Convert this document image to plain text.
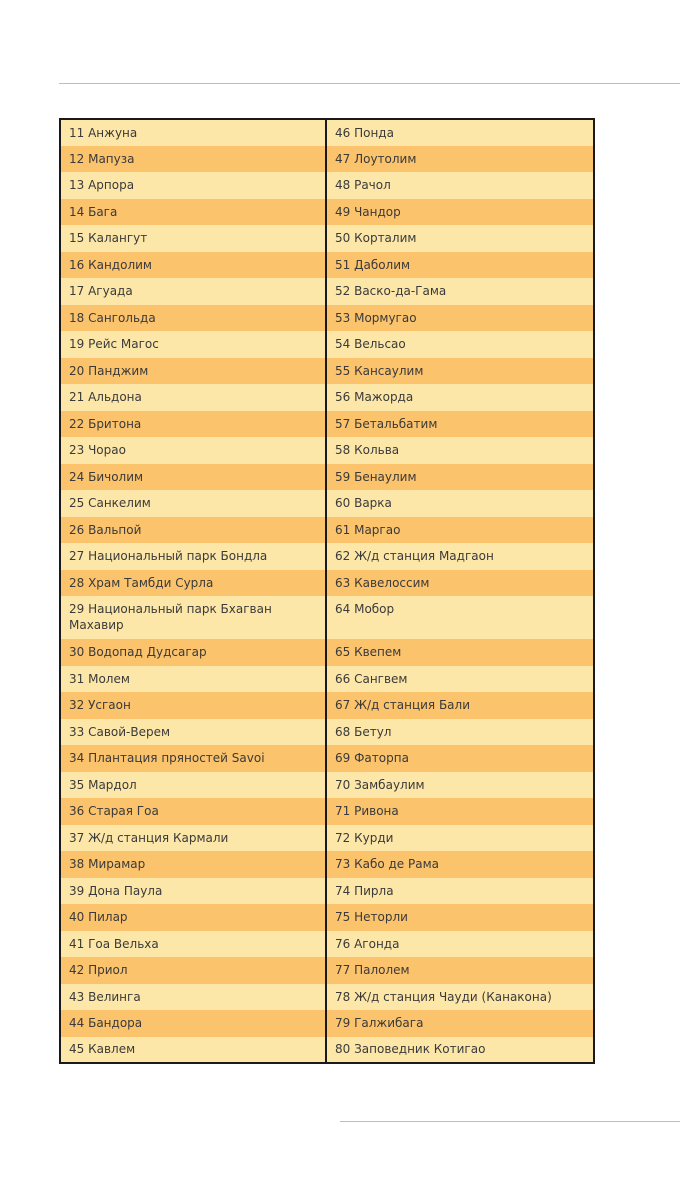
11 Анжуна	46 Понда
12 Мапуза	47 Лоутолим
13 Арпора	48 Рачол
14 Бага	49 Чандор
15 Калангут	50 Корталим
16 Кандолим	51 Даболим
17 Агуада	52 Васко-да-Гама
18 Сангольда	53 Мормугао
19 Рейс Магос	54 Вельсао
20 Панджим	55 Кансаулим
21 Альдона	56 Мажорда
22 Бритона	57 Бетальбатим
23 Чорао	58 Кольва
24 Бичолим	59 Бенаулим
25 Санкелим	60 Варка
26 Вальпой	61 Маргао
27 Национальный парк Бондла	62 Ж/д станция Мадгаон
28 Храм Тамбди Сурла	63 Кавелоссим
29 Национальный парк Бхагван Махавир	64 Мобор
30 Водопад Дудсагар	65 Квепем
31 Молем	66 Сангвем
32 Усгаон	67 Ж/д станция Бали
33 Савой-Верем	68 Бетул
34 Плантация пряностей Savoi	69 Фаторпа
35 Мардол	70 Замбаулим
36 Старая Гоа	71 Ривона
37 Ж/д станция Кармали	72 Курди
38 Мирамар	73 Кабо де Рама
39 Дона Паула	74 Пирла
40 Пилар	75 Неторли
41 Гоа Вельха	76 Агонда
42 Приол	77 Палолем
43 Велинга	78 Ж/д станция Чауди (Канакона)
44 Бандора	79 Галжибага
45 Кавлем	80 Заповедник Котигао
